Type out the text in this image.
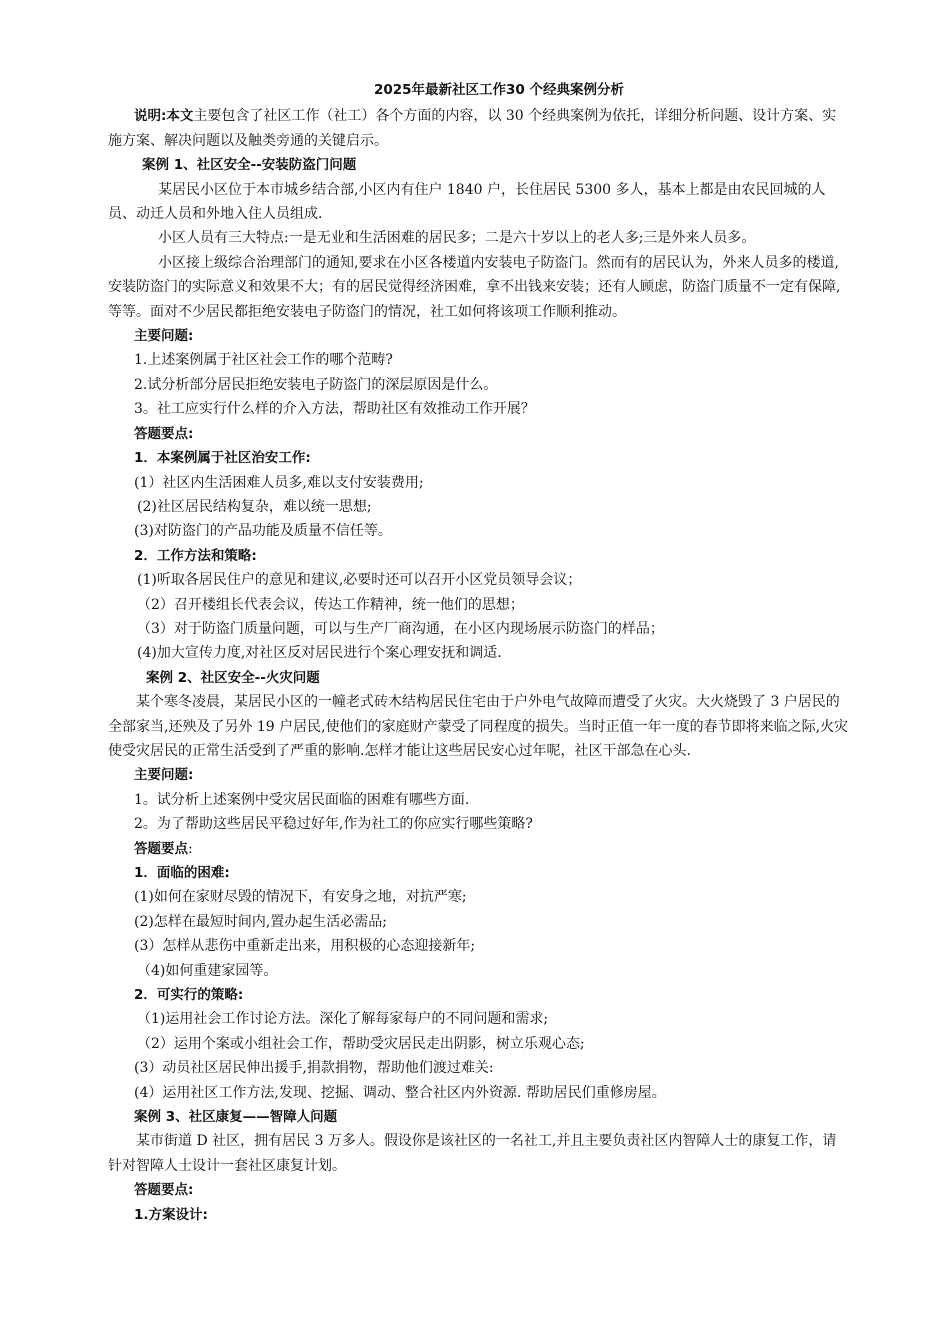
2025年最新社区工作30 个经典案例分析

说明:本文主要包含了社区工作（社工）各个方面的内容，以 30 个经典案例为依托，详细分析问题、设计方案、实施方案、解决问题以及触类旁通的关键启示。

案例 1、社区安全--安装防盗门问题

某居民小区位于本市城乡结合部,小区内有住户 1840 户，长住居民 5300 多人，基本上都是由农民回城的人员、动迁人员和外地入住人员组成.

小区人员有三大特点:一是无业和生活困难的居民多；二是六十岁以上的老人多;三是外来人员多。

小区接上级综合治理部门的通知,要求在小区各楼道内安装电子防盗门。然而有的居民认为，外来人员多的楼道,安装防盗门的实际意义和效果不大；有的居民觉得经济困难，拿不出钱来安装；还有人顾虑，防盗门质量不一定有保障,等等。面对不少居民都拒绝安装电子防盗门的情况，社工如何将该项工作顺利推动。

主要问题:

1.上述案例属于社区社会工作的哪个范畴?

2.试分析部分居民拒绝安装电子防盗门的深层原因是什么。

3。社工应实行什么样的介入方法，帮助社区有效推动工作开展？

答题要点:

1．本案例属于社区治安工作:

(1）社区内生活困难人员多,难以支付安装费用;

(2)社区居民结构复杂，难以统一思想;

(3)对防盗门的产品功能及质量不信任等。

2．工作方法和策略:

(1)听取各居民住户的意见和建议,必要时还可以召开小区党员领导会议；

（2）召开楼组长代表会议，传达工作精神，统一他们的思想；

（3）对于防盗门质量问题，可以与生产厂商沟通，在小区内现场展示防盗门的样品；

(4)加大宣传力度,对社区反对居民进行个案心理安抚和调适.

案例 2、社区安全--火灾问题

某个寒冬凌晨，某居民小区的一幢老式砖木结构居民住宅由于户外电气故障而遭受了火灾。大火烧毁了 3 户居民的全部家当,还殃及了另外 19 户居民,使他们的家庭财产蒙受了同程度的损失。当时正值一年一度的春节即将来临之际,火灾使受灾居民的正常生活受到了严重的影响.怎样才能让这些居民安心过年呢，社区干部急在心头.

主要问题:

1。试分析上述案例中受灾居民面临的困难有哪些方面.

2。为了帮助这些居民平稳过好年,作为社工的你应实行哪些策略?

答题要点:

1．面临的困难:

(1)如何在家财尽毁的情况下，有安身之地，对抗严寒;

(2)怎样在最短时间内,置办起生活必需品;

(3）怎样从悲伤中重新走出来，用积极的心态迎接新年;

（4)如何重建家园等。

2．可实行的策略:

（1)运用社会工作讨论方法。深化了解每家每户的不同问题和需求;

（2）运用个案或小组社会工作，帮助受灾居民走出阴影，树立乐观心态;

(3）动员社区居民伸出援手,捐款捐物，帮助他们渡过难关:

(4）运用社区工作方法,发现、挖掘、调动、整合社区内外资源. 帮助居民们重修房屋。

案例 3、社区康复——智障人问题

某市街道 D 社区，拥有居民 3 万多人。假设你是该社区的一名社工,并且主要负责社区内智障人士的康复工作，请针对智障人士设计一套社区康复计划。

答题要点:

1.方案设计:
